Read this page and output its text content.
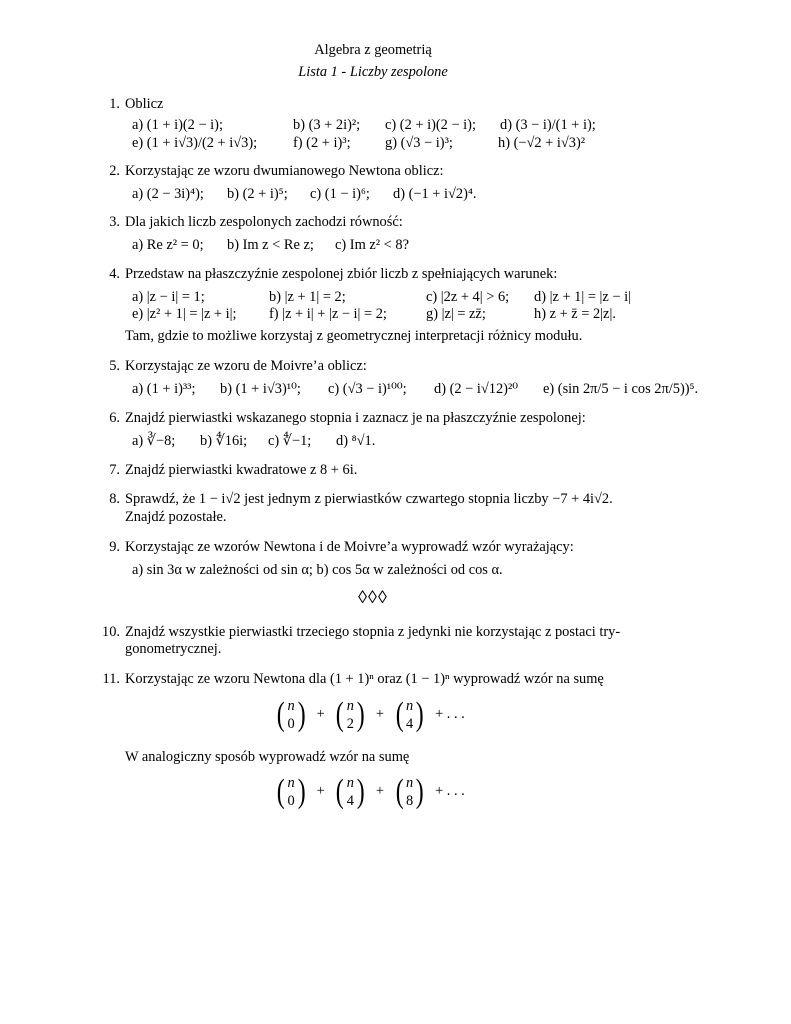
Algebra z geometrią
Lista 1 - Liczby zespolone
1. Oblicz
a) (1 + i)(2 − i);	b) (3 + 2i)²; c) (2 + i)(2 − i); d) (3 − i)/(1 + i);
e) (1 + i√3)/(2 + i√3); f) (2 + i)³; g) (√3 − i)³;	h) (−√2 + i√3)²
2. Korzystając ze wzoru dwumianowego Newtona oblicz:
a) (2 − 3i)⁴); b) (2 + i)⁵; c) (1 − i)⁶; d) (−1 + i√2)⁴.
3. Dla jakich liczb zespolonych zachodzi równość:
a) Re z² = 0; b) Im z < Re z; c) Im z² < 8?
4. Przedstaw na płaszczyźnie zespolonej zbiór liczb z spełniających warunek:
a) |z − i| = 1;	b) |z + 1| = 2;	c) |2z + 4| > 6; d) |z + 1| = |z − i|
e) |z² + 1| = |z + i|; f) |z + i| + |z − i| = 2;	g) |z| = zz̄;	h) z + z̄ = 2|z|.
Tam, gdzie to możliwe korzystaj z geometrycznej interpretacji różnicy modułu.
5. Korzystając ze wzoru de Moivre’a oblicz:
a) (1 + i)³³; b) (1 + i√3)¹⁰; c) (√3 − i)¹⁰⁰; d) (2 − i√12)²⁰ e) (sin 2π/5 − i cos 2π/5))⁵.
6. Znajdź pierwiastki wskazanego stopnia i zaznacz je na płaszczyźnie zespolonej:
a) ∛−8; b) ∜16i; c) ∜−1; d) ⁸√1.
7. Znajdź pierwiastki kwadratowe z 8 + 6i.
8. Sprawdź, że 1 − i√2 jest jednym z pierwiastków czwartego stopnia liczby −7 + 4i√2.
Znajdź pozostałe.
9. Korzystając ze wzorów Newtona i de Moivre’a wyprowadź wzór wyrażający:
a) sin 3α w zależności od sin α; b) cos 5α w zależności od cos α.
◊◊◊
10. Znajdź wszystkie pierwiastki trzeciego stopnia z jedynki nie korzystając z postaci try-
gonometrycznej.
11. Korzystając ze wzoru Newtona dla (1 + 1)ⁿ oraz (1 − 1)ⁿ wyprowadź wzór na sumę
( n
0 ) + ( n
2 ) + ( n
4 ) + . . .
W analogiczny sposób wyprowadź wzór na sumę
( n
0 ) + ( n
4 ) + ( n
8 ) + . . .
